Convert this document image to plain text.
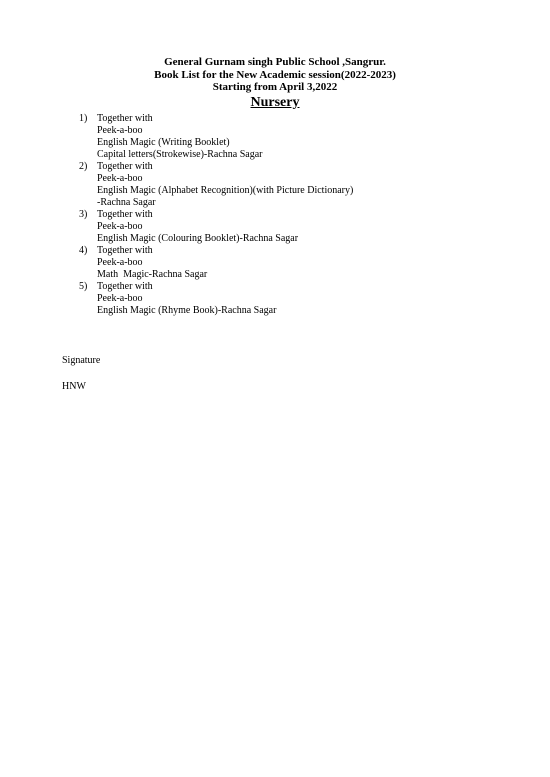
General Gurnam singh Public School ,Sangrur.
Book List for the New Academic session(2022-2023)
Starting from April 3,2022
Nursery
1) Together with
Peek-a-boo
English Magic (Writing Booklet)
Capital letters(Strokewise)-Rachna Sagar
2) Together with
Peek-a-boo
English Magic (Alphabet Recognition)(with Picture Dictionary)
-Rachna Sagar
3) Together with
Peek-a-boo
English Magic (Colouring Booklet)-Rachna Sagar
4) Together with
Peek-a-boo
Math  Magic-Rachna Sagar
5) Together with
Peek-a-boo
English Magic (Rhyme Book)-Rachna Sagar
Signature
HNW
